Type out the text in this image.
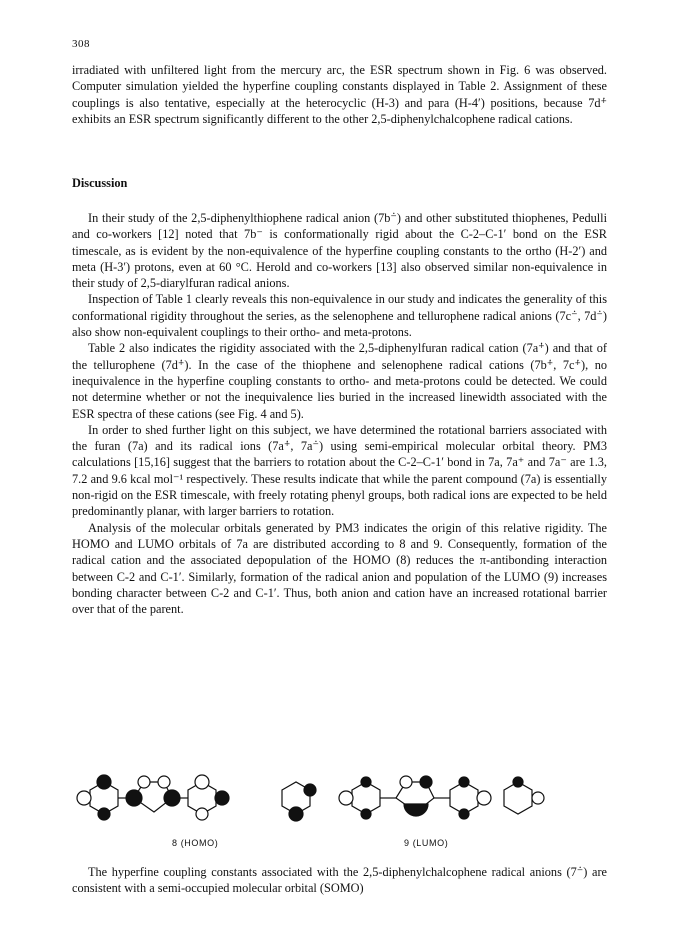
308

irradiated with unfiltered light from the mercury arc, the ESR spectrum shown in Fig. 6 was observed. Computer simulation yielded the hyperfine coupling constants displayed in Table 2. Assignment of these couplings is also tentative, especially at the heterocyclic (H-3) and para (H-4′) positions, because 7d⁺̇ exhibits an ESR spectrum significantly different to the other 2,5-diphenylchalcophene radical cations.

Discussion

In their study of the 2,5-diphenylthiophene radical anion (7b⁻̇) and other substituted thiophenes, Pedulli and co-workers [12] noted that 7b⁻ is conformationally rigid about the C-2–C-1′ bond on the ESR timescale, as is evident by the non-equivalence of the hyperfine coupling constants to the ortho (H-2′) and meta (H-3′) protons, even at 60 °C. Herold and co-workers [13] also observed similar non-equivalence in their study of 2,5-diarylfuran radical anions.

Inspection of Table 1 clearly reveals this non-equivalence in our study and indicates the generality of this conformational rigidity throughout the series, as the selenophene and tellurophene radical anions (7c⁻̇, 7d⁻̇) also show non-equivalent couplings to their ortho- and meta-protons.

Table 2 also indicates the rigidity associated with the 2,5-diphenylfuran radical cation (7a⁺̇) and that of the tellurophene (7d⁺̇). In the case of the thiophene and selenophene radical cations (7b⁺̇, 7c⁺̇), no inequivalence in the hyperfine coupling constants to ortho- and meta-protons could be detected. We could not determine whether or not the inequivalence lies buried in the increased linewidth associated with the ESR spectra of these cations (see Fig. 4 and 5).

In order to shed further light on this subject, we have determined the rotational barriers associated with the furan (7a) and its radical ions (7a⁺̇, 7a⁻̇) using semi-empirical molecular orbital theory. PM3 calculations [15,16] suggest that the barriers to rotation about the C-2–C-1′ bond in 7a, 7a⁺ and 7a⁻ are 1.3, 7.2 and 9.6 kcal mol⁻¹ respectively. These results indicate that while the parent compound (7a) is essentially non-rigid on the ESR timescale, with freely rotating phenyl groups, both radical ions are expected to be held predominantly planar, with larger barriers to rotation.

Analysis of the molecular orbitals generated by PM3 indicates the origin of this relative rigidity. The HOMO and LUMO orbitals of 7a are distributed according to 8 and 9. Consequently, formation of the radical cation and the associated depopulation of the HOMO (8) reduces the π-antibonding interaction between C-2 and C-1′. Similarly, formation of the radical anion and population of the LUMO (9) increases bonding character between C-2 and C-1′. Thus, both anion and cation have an increased rotational barrier over that of the parent.

8 (HOMO)	9 (LUMO)

The hyperfine coupling constants associated with the 2,5-diphenylchalcophene radical anions (7⁻̇) are consistent with a semi-occupied molecular orbital (SOMO)
